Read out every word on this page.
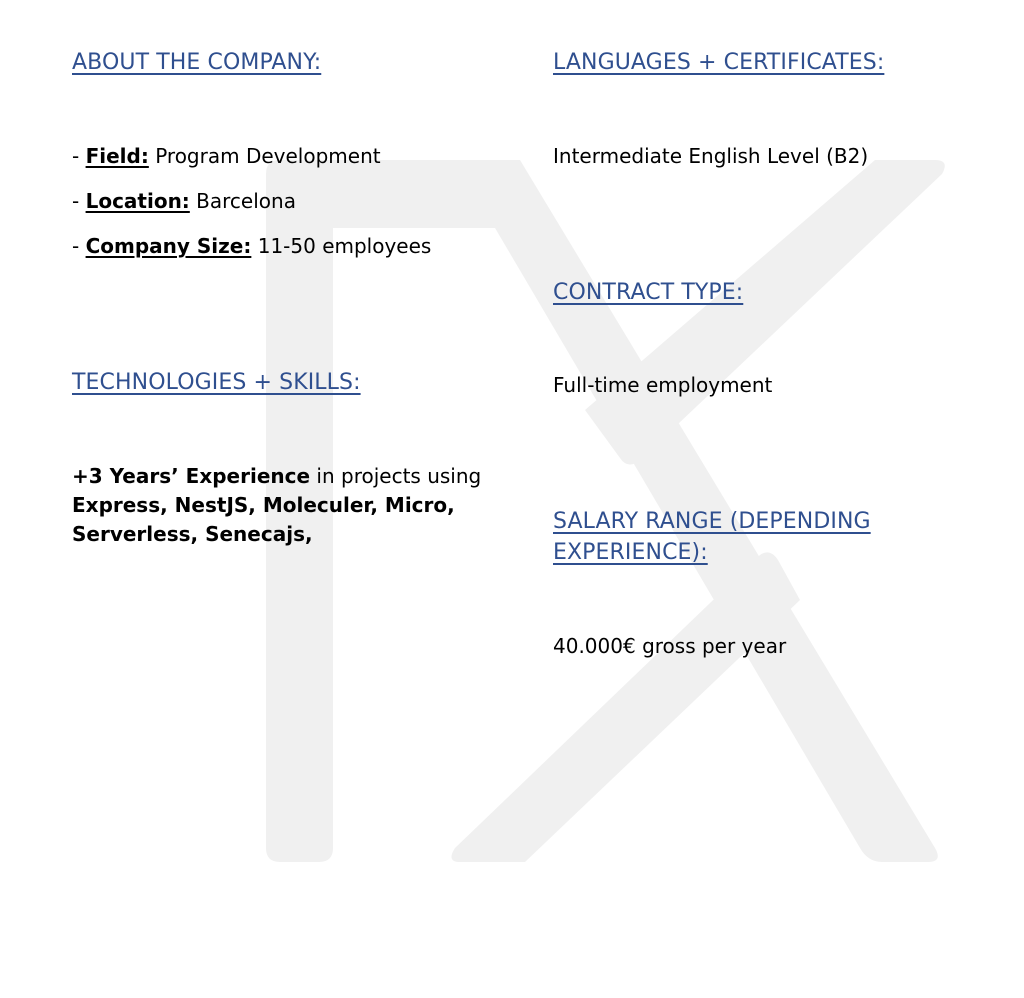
ABOUT THE COMPANY:
- Field: Program Development
- Location: Barcelona
- Company Size: 11-50 employees
TECHNOLOGIES + SKILLS:
+3 Years’ Experience in projects using Express, NestJS, Moleculer, Micro, Serverless, Senecajs,
LANGUAGES + CERTIFICATES:

Intermediate English Level (B2)

CONTRACT TYPE:

Full-time employment

SALARY RANGE (DEPENDING
EXPERIENCE):

40.000€ gross per year
